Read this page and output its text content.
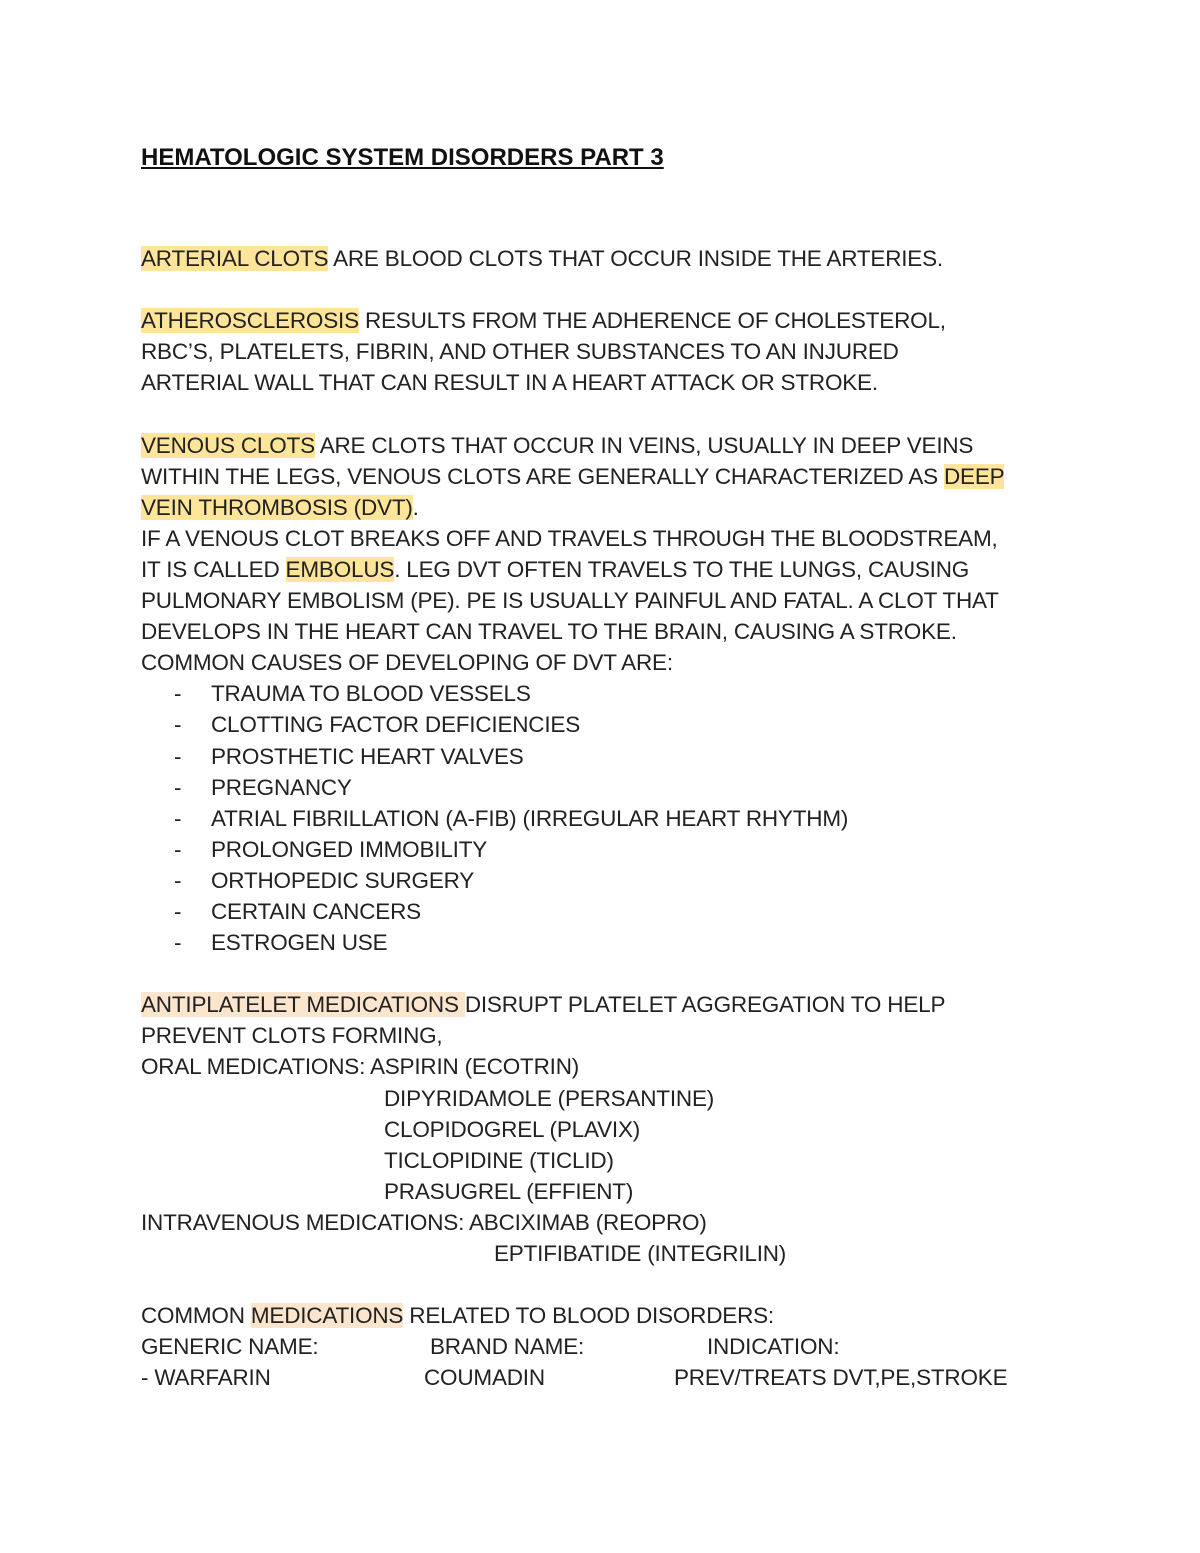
HEMATOLOGIC SYSTEM DISORDERS PART 3
ARTERIAL CLOTS ARE BLOOD CLOTS THAT OCCUR INSIDE THE ARTERIES.
ATHEROSCLEROSIS RESULTS FROM THE ADHERENCE OF CHOLESTEROL,
RBC’S, PLATELETS, FIBRIN, AND OTHER SUBSTANCES TO AN INJURED
ARTERIAL WALL THAT CAN RESULT IN A HEART ATTACK OR STROKE.
VENOUS CLOTS ARE CLOTS THAT OCCUR IN VEINS, USUALLY IN DEEP VEINS
WITHIN THE LEGS, VENOUS CLOTS ARE GENERALLY CHARACTERIZED AS DEEP
VEIN THROMBOSIS (DVT).
IF A VENOUS CLOT BREAKS OFF AND TRAVELS THROUGH THE BLOODSTREAM,
IT IS CALLED EMBOLUS. LEG DVT OFTEN TRAVELS TO THE LUNGS, CAUSING
PULMONARY EMBOLISM (PE). PE IS USUALLY PAINFUL AND FATAL. A CLOT THAT
DEVELOPS IN THE HEART CAN TRAVEL TO THE BRAIN, CAUSING A STROKE.
COMMON CAUSES OF DEVELOPING OF DVT ARE:
- TRAUMA TO BLOOD VESSELS
- CLOTTING FACTOR DEFICIENCIES
- PROSTHETIC HEART VALVES
- PREGNANCY
- ATRIAL FIBRILLATION (A-FIB) (IRREGULAR HEART RHYTHM)
- PROLONGED IMMOBILITY
- ORTHOPEDIC SURGERY
- CERTAIN CANCERS
- ESTROGEN USE
ANTIPLATELET MEDICATIONS DISRUPT PLATELET AGGREGATION TO HELP
PREVENT CLOTS FORMING,
ORAL MEDICATIONS: ASPIRIN (ECOTRIN)
DIPYRIDAMOLE (PERSANTINE)
CLOPIDOGREL (PLAVIX)
TICLOPIDINE (TICLID)
PRASUGREL (EFFIENT)
INTRAVENOUS MEDICATIONS: ABCIXIMAB (REOPRO)
EPTIFIBATIDE (INTEGRILIN)
COMMON MEDICATIONS RELATED TO BLOOD DISORDERS:
GENERIC NAME:	BRAND NAME:	INDICATION:
- WARFARIN	COUMADIN	PREV/TREATS DVT,PE,STROKE
